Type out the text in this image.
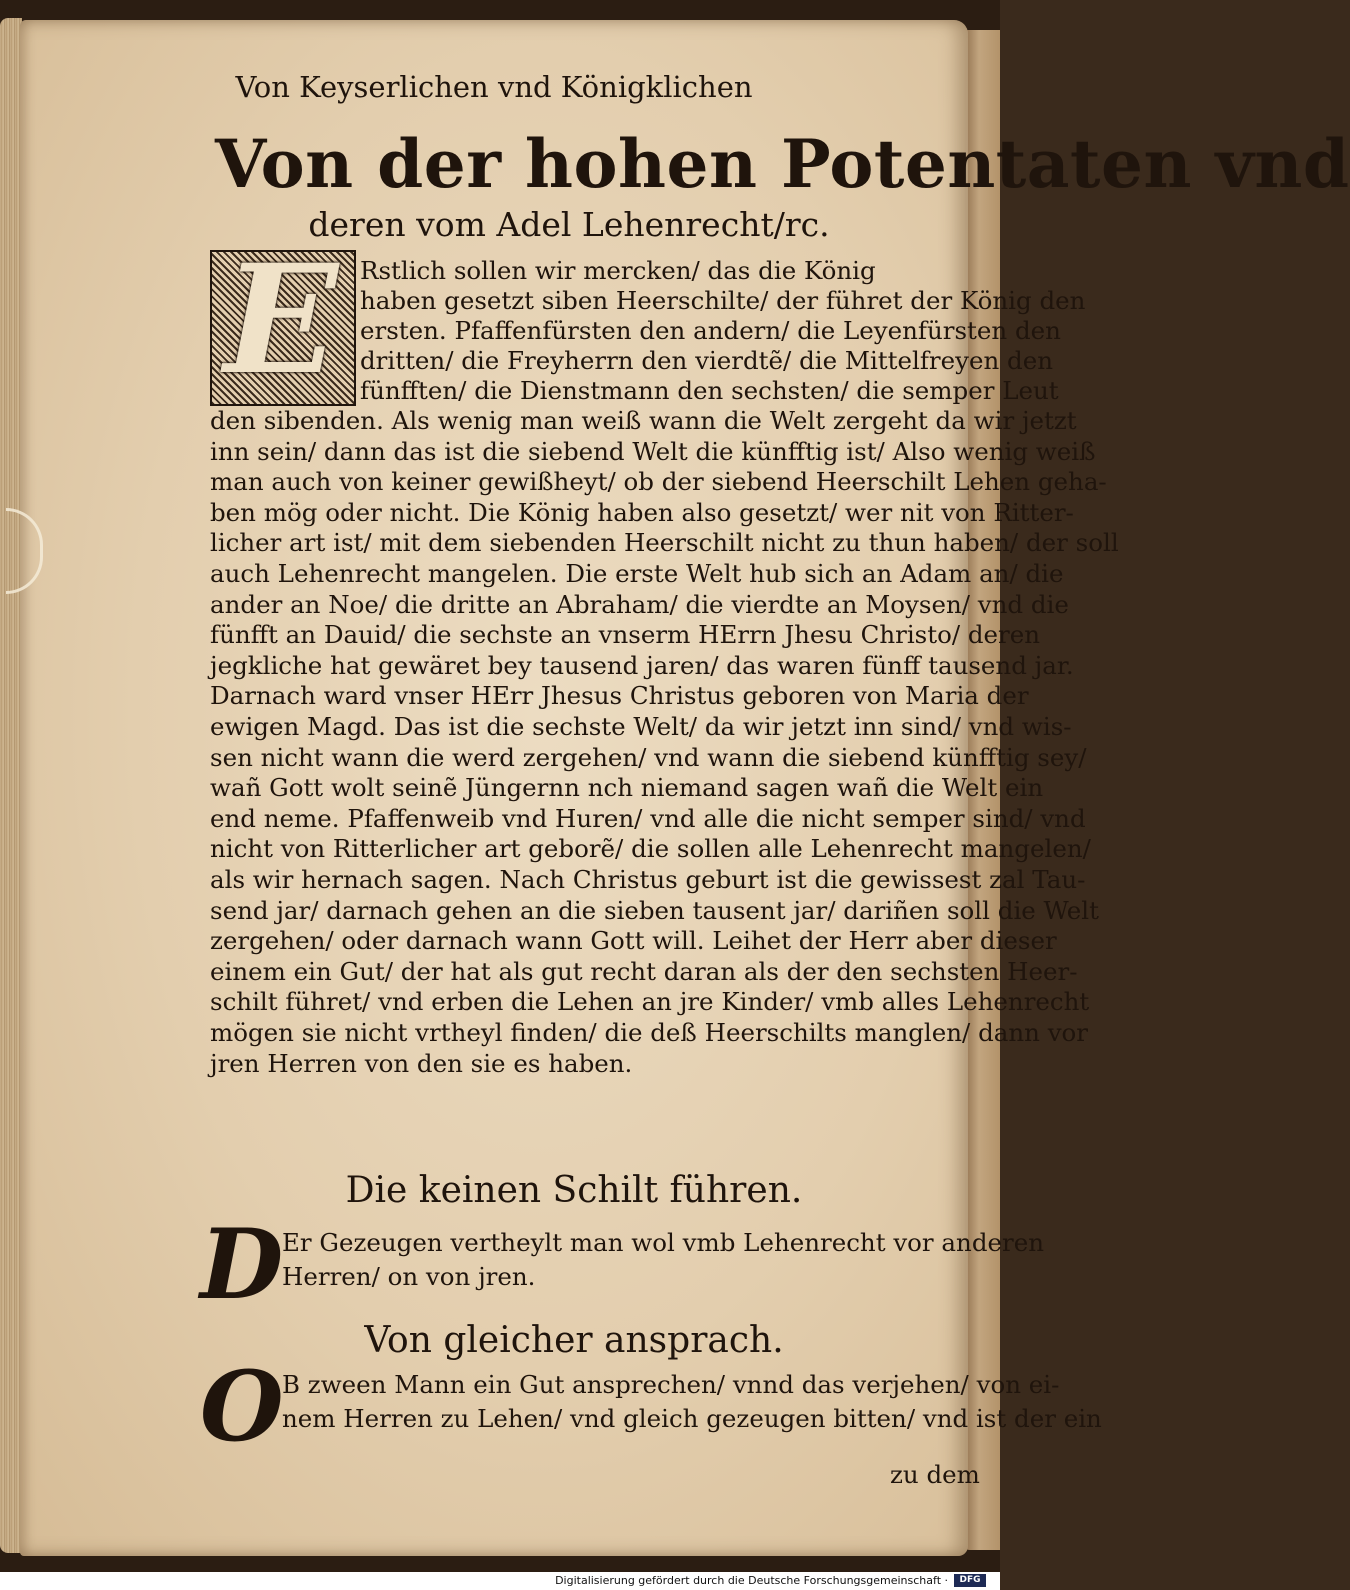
Von Keyserlichen vnd Königklichen
Von der hohen Potentaten vnd
deren vom Adel Lehenrecht/rc.
E
Die keinen Schilt führen.
D
Von gleicher ansprach.
O
zu dem
Rstlich sollen wir mercken/ das die König
haben gesetzt siben Heerschilte/ der führet der König den
ersten. Pfaffenfürsten den andern/ die Leyenfürsten den
dritten/ die Freyherrn den vierdtẽ/ die Mittelfreyen den
fünfften/ die Dienstmann den sechsten/ die semper Leut
den sibenden. Als wenig man weiß wann die Welt zergeht da wir jetzt
inn sein/ dann das ist die siebend Welt die künfftig ist/ Also wenig weiß
man auch von keiner gewißheyt/ ob der siebend Heerschilt Lehen geha-
ben mög oder nicht. Die König haben also gesetzt/ wer nit von Ritter-
licher art ist/ mit dem siebenden Heerschilt nicht zu thun haben/ der soll
auch Lehenrecht mangelen. Die erste Welt hub sich an Adam an/ die
ander an Noe/ die dritte an Abraham/ die vierdte an Moysen/ vnd die
fünfft an Dauid/ die sechste an vnserm HErrn Jhesu Christo/ deren
jegkliche hat gewäret bey tausend jaren/ das waren fünff tausend jar.
Darnach ward vnser HErr Jhesus Christus geboren von Maria der
ewigen Magd. Das ist die sechste Welt/ da wir jetzt inn sind/ vnd wis-
sen nicht wann die werd zergehen/ vnd wann die siebend künfftig sey/
wañ Gott wolt seinẽ Jüngernn nch niemand sagen wañ die Welt ein
end neme. Pfaffenweib vnd Huren/ vnd alle die nicht semper sind/ vnd
nicht von Ritterlicher art geborẽ/ die sollen alle Lehenrecht mangelen/
als wir hernach sagen. Nach Christus geburt ist die gewissest zal Tau-
send jar/ darnach gehen an die sieben tausent jar/ dariñen soll die Welt
zergehen/ oder darnach wann Gott will. Leihet der Herr aber dieser
einem ein Gut/ der hat als gut recht daran als der den sechsten Heer-
schilt führet/ vnd erben die Lehen an jre Kinder/ vmb alles Lehenrecht
mögen sie nicht vrtheyl finden/ die deß Heerschilts manglen/ dann vor
jren Herren von den sie es haben.
Er Gezeugen vertheylt man wol vmb Lehenrecht vor anderen
Herren/ on von jren.
B zween Mann ein Gut ansprechen/ vnnd das verjehen/ von ei-
nem Herren zu Lehen/ vnd gleich gezeugen bitten/ vnd ist der ein
Digitalisierung gefördert durch die Deutsche Forschungsgemeinschaft ·	DFG
